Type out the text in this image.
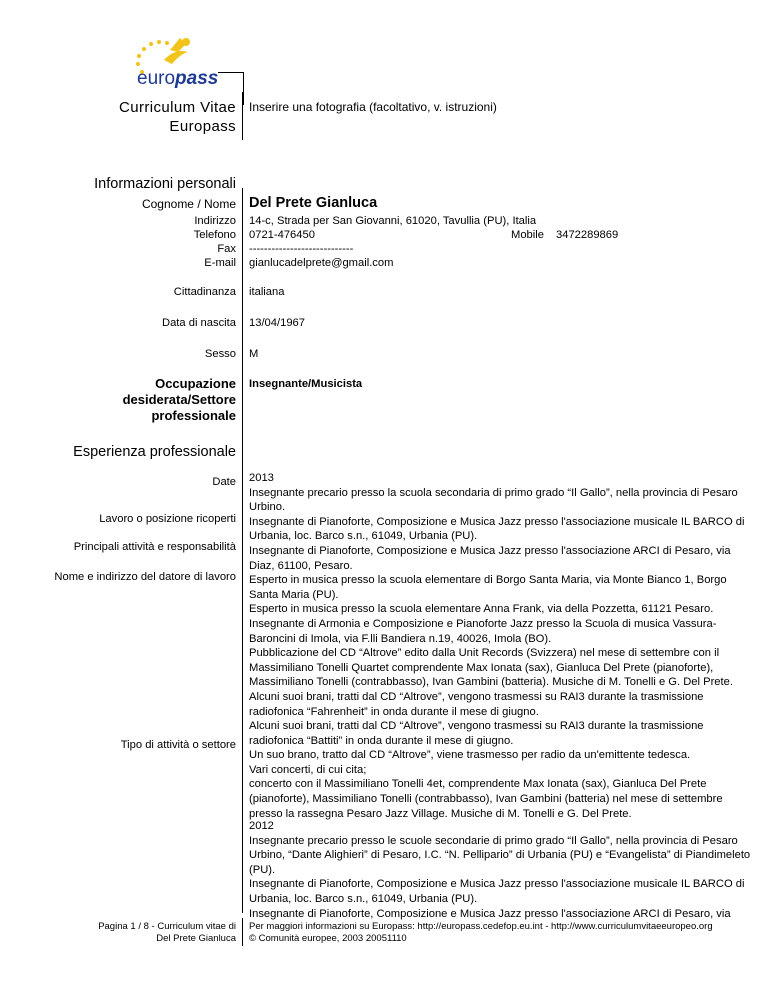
europass
Curriculum Vitae
Europass
Inserire una fotografia (facoltativo, v. istruzioni)
Informazioni personali
Cognome / Nome Del Prete Gianluca
Indirizzo 14-c, Strada per San Giovanni, 61020, Tavullia (PU), Italia
Telefono 0721-476450	Mobile 3472289869
Fax ----------------------------
E-mail gianlucadelprete@gmail.com
Cittadinanza italiana
Data di nascita 13/04/1967
Sesso M
Occupazione
desiderata/Settore
professionale
Insegnante/Musicista
Esperienza professionale
Date
Lavoro o posizione ricoperti
Principali attività e responsabilità
Nome e indirizzo del datore di lavoro
Tipo di attività o settore
2013
Insegnante precario presso la scuola secondaria di primo grado “Il Gallo”, nella provincia di Pesaro
Urbino.
Insegnante di Pianoforte, Composizione e Musica Jazz presso l'associazione musicale IL BARCO di
Urbania, loc. Barco s.n., 61049, Urbania (PU).
Insegnante di Pianoforte, Composizione e Musica Jazz presso l'associazione ARCI di Pesaro, via
Diaz, 61100, Pesaro.
Esperto in musica presso la scuola elementare di Borgo Santa Maria, via Monte Bianco 1, Borgo
Santa Maria (PU).
Esperto in musica presso la scuola elementare Anna Frank, via della Pozzetta, 61121 Pesaro.
Insegnante di Armonia e Composizione e Pianoforte Jazz presso la Scuola di musica Vassura-
Baroncini di Imola, via F.lli Bandiera n.19, 40026, Imola (BO).
Pubblicazione del CD “Altrove” edito dalla Unit Records (Svizzera) nel mese di settembre con il
Massimiliano Tonelli Quartet comprendente Max Ionata (sax), Gianluca Del Prete (pianoforte),
Massimiliano Tonelli (contrabbasso), Ivan Gambini (batteria). Musiche di M. Tonelli e G. Del Prete.
Alcuni suoi brani, tratti dal CD “Altrove”, vengono trasmessi su RAI3 durante la trasmissione
radiofonica “Fahrenheit” in onda durante il mese di giugno.
Alcuni suoi brani, tratti dal CD “Altrove”, vengono trasmessi su RAI3 durante la trasmissione
radiofonica “Battiti” in onda durante il mese di giugno.
Un suo brano, tratto dal CD “Altrove”, viene trasmesso per radio da un'emittente tedesca.
Vari concerti, di cui cita;
concerto con il Massimiliano Tonelli 4et, comprendente Max Ionata (sax), Gianluca Del Prete
(pianoforte), Massimiliano Tonelli (contrabbasso), Ivan Gambini (batteria) nel mese di settembre
presso la rassegna Pesaro Jazz Village. Musiche di M. Tonelli e G. Del Prete.
2012
Insegnante precario presso le scuole secondarie di primo grado “Il Gallo”, nella provincia di Pesaro
Urbino, “Dante Alighieri” di Pesaro, I.C. “N. Pellipario” di Urbania (PU) e “Evangelista” di Piandimeleto
(PU).
Insegnante di Pianoforte, Composizione e Musica Jazz presso l'associazione musicale IL BARCO di
Urbania, loc. Barco s.n., 61049, Urbania (PU).
Insegnante di Pianoforte, Composizione e Musica Jazz presso l'associazione ARCI di Pesaro, via
Pagina 1 / 8 - Curriculum vitae di
Del Prete Gianluca
Per maggiori informazioni su Europass: http://europass.cedefop.eu.int - http://www.curriculumvitaeeuropeo.org
© Comunità europee, 2003 20051110
